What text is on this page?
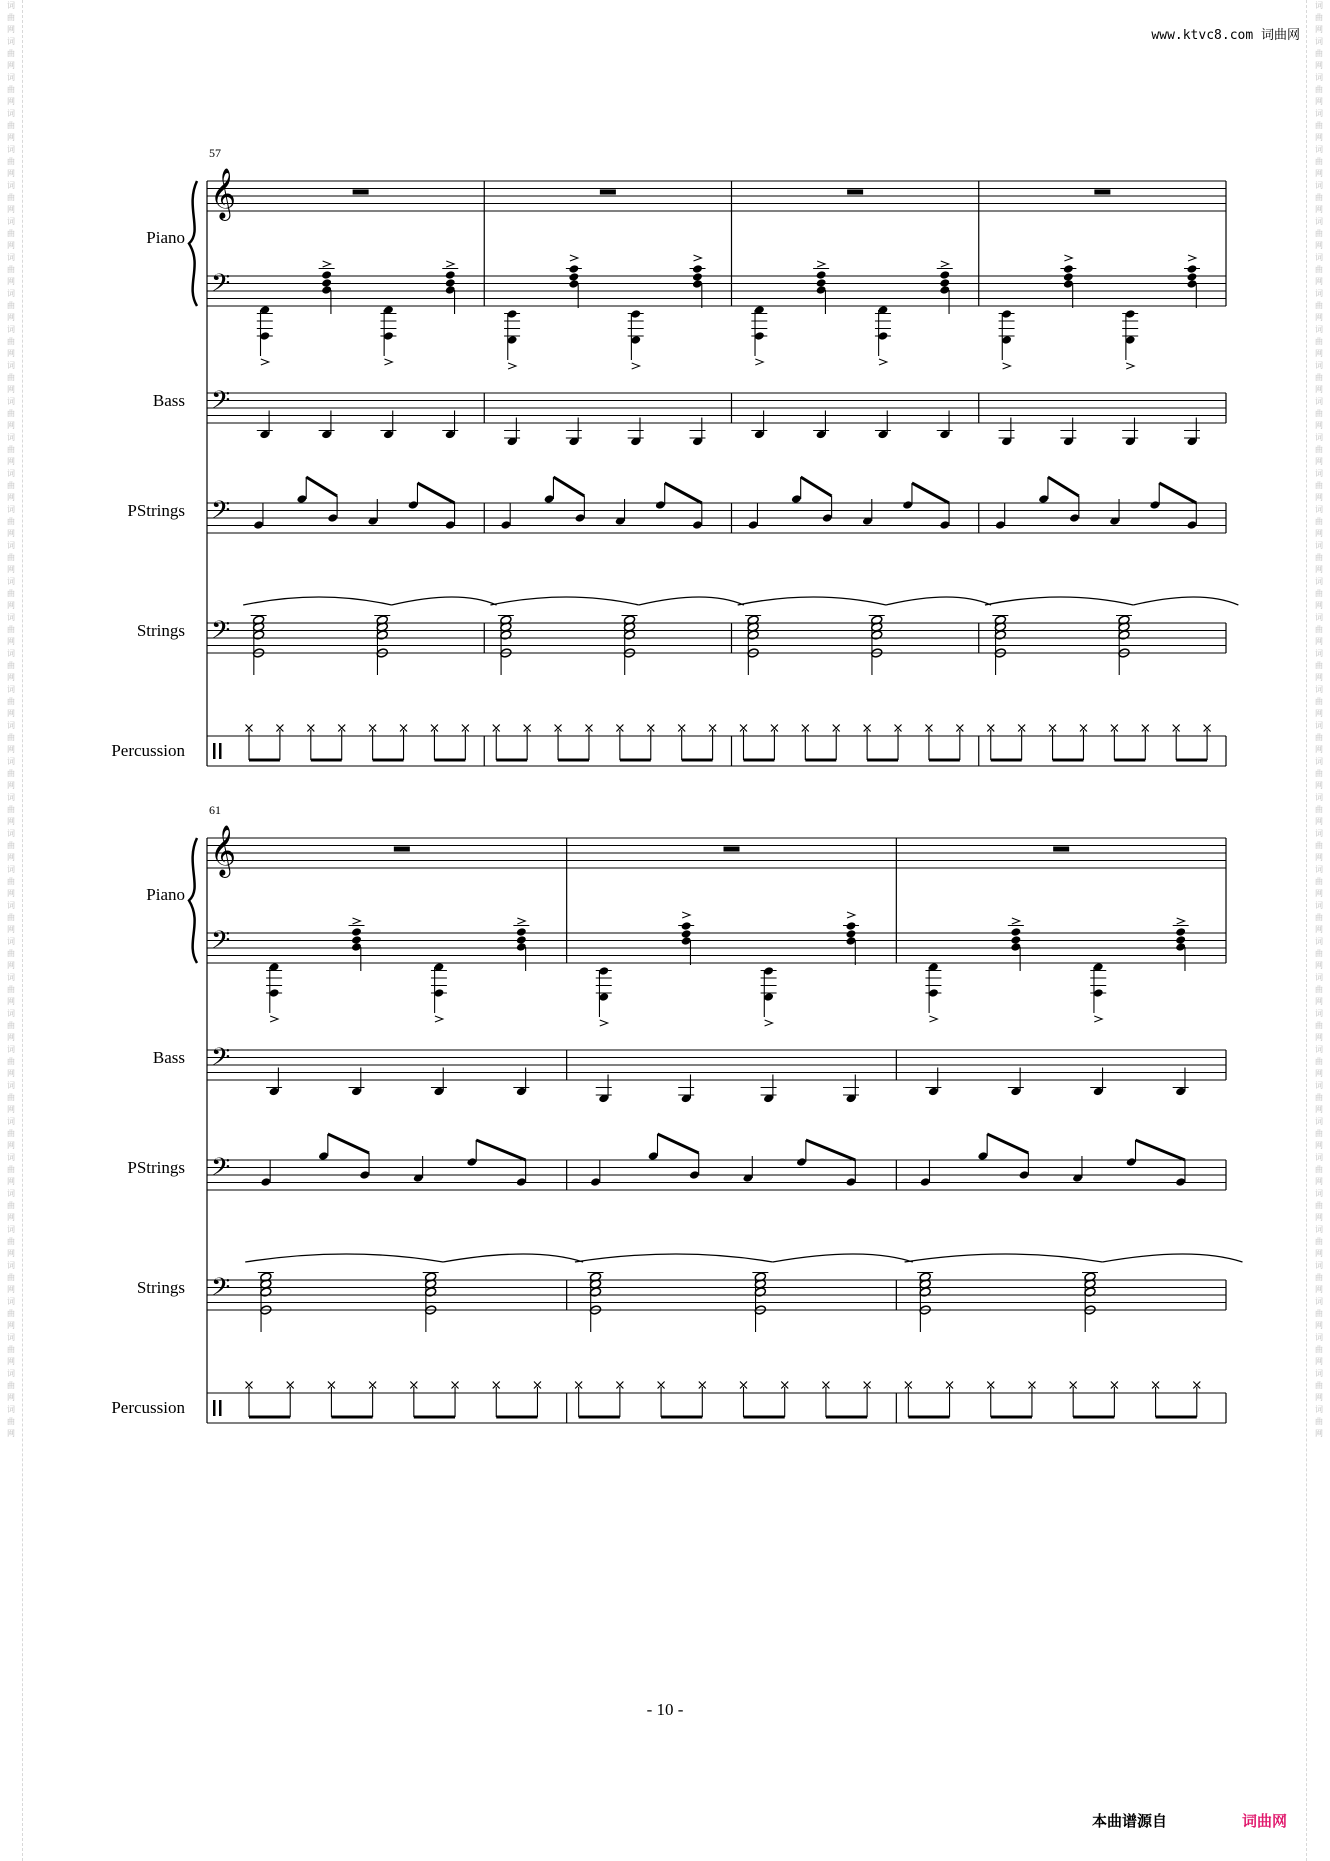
词曲网词曲网词曲网词曲网词曲网词曲网词曲网词曲网词曲网词曲网词曲网词曲网词曲网词曲网词曲网词曲网词曲网词曲网词曲网词曲网词曲网词曲网词曲网词曲网词曲网词曲网词曲网词曲网词曲网词曲网词曲网词曲网词曲网词曲网词曲网词曲网词曲网词曲网词曲网词曲网
词曲网词曲网词曲网词曲网词曲网词曲网词曲网词曲网词曲网词曲网词曲网词曲网词曲网词曲网词曲网词曲网词曲网词曲网词曲网词曲网词曲网词曲网词曲网词曲网词曲网词曲网词曲网词曲网词曲网词曲网词曲网词曲网词曲网词曲网词曲网词曲网词曲网词曲网词曲网词曲网
www.ktvc8.com 词曲网
𝄞
𝄢
𝄢
𝄢
𝄢
Piano
Bass
PStrings
Strings
Percussion
57
𝄞
𝄢
𝄢
𝄢
𝄢
Piano
Bass
PStrings
Strings
Percussion
61
- 10 -
本曲谱源自	词曲网
